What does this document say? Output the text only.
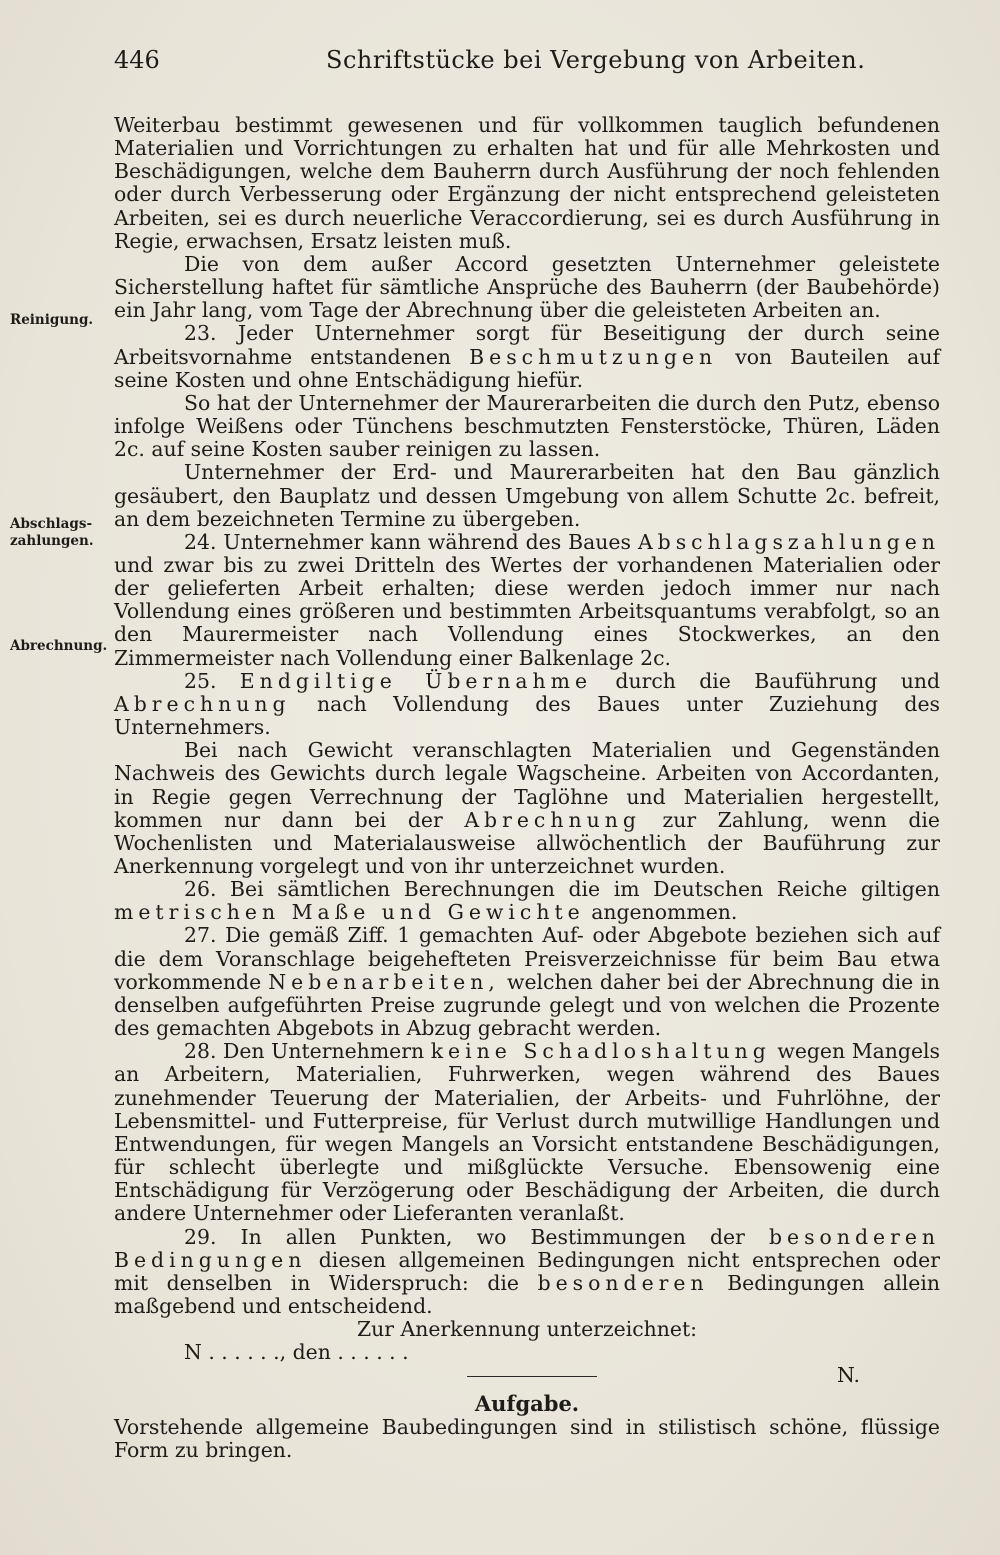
446	Schriftstücke bei Vergebung von Arbeiten.
Reinigung.
Abschlags-
zahlungen.
Abrechnung.

Weiterbau bestimmt gewesenen und für vollkommen tauglich befundenen Materialien und Vorrichtungen zu erhalten hat und für alle Mehrkosten und Beschädigungen, welche dem Bauherrn durch Ausführung der noch fehlenden oder durch Verbesserung oder Ergänzung der nicht entsprechend geleisteten Arbeiten, sei es durch neuerliche Veraccordierung, sei es durch Ausführung in Regie, erwachsen, Ersatz leisten muß.

Die von dem außer Accord gesetzten Unternehmer geleistete Sicherstellung haftet für sämtliche Ansprüche des Bauherrn (der Baubehörde) ein Jahr lang, vom Tage der Abrechnung über die geleisteten Arbeiten an.

23. Jeder Unternehmer sorgt für Beseitigung der durch seine Arbeitsvornahme entstandenen Beschmutzungen von Bauteilen auf seine Kosten und ohne Entschädigung hiefür.

So hat der Unternehmer der Maurerarbeiten die durch den Putz, ebenso infolge Weißens oder Tünchens beschmutzten Fensterstöcke, Thüren, Läden 2c. auf seine Kosten sauber reinigen zu lassen.

Unternehmer der Erd- und Maurerarbeiten hat den Bau gänzlich gesäubert, den Bauplatz und dessen Umgebung von allem Schutte 2c. befreit, an dem bezeichneten Termine zu übergeben.

24. Unternehmer kann während des Baues Abschlagszahlungen und zwar bis zu zwei Dritteln des Wertes der vorhandenen Materialien oder der gelieferten Arbeit erhalten; diese werden jedoch immer nur nach Vollendung eines größeren und bestimmten Arbeitsquantums verabfolgt, so an den Maurermeister nach Vollendung eines Stockwerkes, an den Zimmermeister nach Vollendung einer Balkenlage 2c.

25. Endgiltige Übernahme durch die Bauführung und Abrechnung nach Vollendung des Baues unter Zuziehung des Unternehmers.

Bei nach Gewicht veranschlagten Materialien und Gegenständen Nachweis des Gewichts durch legale Wagscheine. Arbeiten von Accordanten, in Regie gegen Verrechnung der Taglöhne und Materialien hergestellt, kommen nur dann bei der Abrechnung zur Zahlung, wenn die Wochenlisten und Materialausweise allwöchentlich der Bauführung zur Anerkennung vorgelegt und von ihr unterzeichnet wurden.

26. Bei sämtlichen Berechnungen die im Deutschen Reiche giltigen metrischen Maße und Gewichte angenommen.

27. Die gemäß Ziff. 1 gemachten Auf- oder Abgebote beziehen sich auf die dem Voranschlage beigehefteten Preisverzeichnisse für beim Bau etwa vorkommende Nebenarbeiten, welchen daher bei der Abrechnung die in denselben aufgeführten Preise zugrunde gelegt und von welchen die Prozente des gemachten Abgebots in Abzug gebracht werden.

28. Den Unternehmern keine Schadloshaltung wegen Mangels an Arbeitern, Materialien, Fuhrwerken, wegen während des Baues zunehmender Teuerung der Materialien, der Arbeits- und Fuhrlöhne, der Lebensmittel- und Futterpreise, für Verlust durch mutwillige Handlungen und Entwendungen, für wegen Mangels an Vorsicht entstandene Beschädigungen, für schlecht überlegte und mißglückte Versuche. Ebensowenig eine Entschädigung für Verzögerung oder Beschädigung der Arbeiten, die durch andere Unternehmer oder Lieferanten veranlaßt.

29. In allen Punkten, wo Bestimmungen der besonderen Bedingungen diesen allgemeinen Bedingungen nicht entsprechen oder mit denselben in Widerspruch: die besonderen Bedingungen allein maßgebend und entscheidend.

Zur Anerkennung unterzeichnet:

N . . . . . ., den . . . . . .

N.

Aufgabe.

Vorstehende allgemeine Baubedingungen sind in stilistisch schöne, flüssige Form zu bringen.
